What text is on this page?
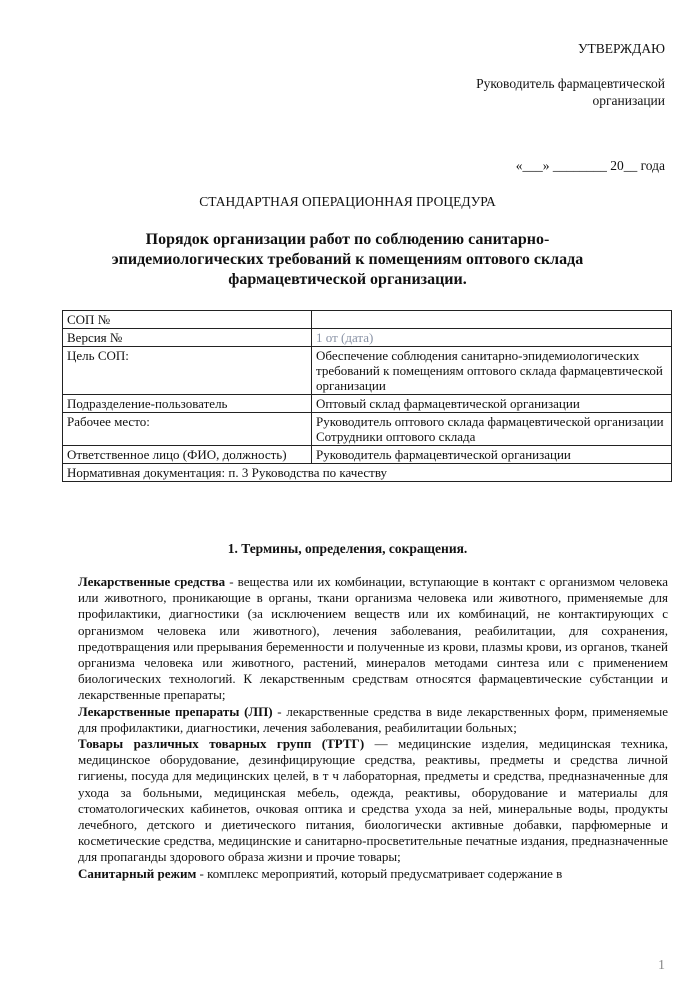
УТВЕРЖДАЮ
Руководитель фармацевтической
организации
«___» ________ 20__ года
СТАНДАРТНАЯ ОПЕРАЦИОННАЯ ПРОЦЕДУРА
Порядок организации работ по соблюдению санитарно-эпидемиологических требований к помещениям оптового склада фармацевтической организации.
СОП №	
Версия №	1 от (дата)
Цель СОП:	Обеспечение соблюдения санитарно-эпидемиологических требований к помещениям оптового склада фармацевтической организации
Подразделение-пользователь	Оптовый склад фармацевтической организации
Рабочее место:	Руководитель оптового склада фармацевтической организации
Сотрудники оптового склада

Ответственное лицо (ФИО, должность)	Руководитель фармацевтической организации
Нормативная документация: п. 3 Руководства по качеству	
1. Термины, определения, сокращения.

Лекарственные средства - вещества или их комбинации, вступающие в контакт с организмом человека или животного, проникающие в органы, ткани организма человека или животного, применяемые для профилактики, диагностики (за исключением веществ или их комбинаций, не контактирующих с организмом человека или животного), лечения заболевания, реабилитации, для сохранения, предотвращения или прерывания беременности и полученные из крови, плазмы крови, из органов, тканей организма человека или животного, растений, минералов методами синтеза или с применением биологических технологий. К лекарственным средствам относятся фармацевтические субстанции и лекарственные препараты;

Лекарственные препараты (ЛП) - лекарственные средства в виде лекарственных форм, применяемые для профилактики, диагностики, лечения заболевания, реабилитации больных;

Товары различных товарных групп (ТРТГ) — медицинские изделия, медицинская техника, медицинское оборудование, дезинфицирующие средства, реактивы, предметы и средства личной гигиены, посуда для медицинских целей, в т ч лабораторная, предметы и средства, предназначенные для ухода за больными, медицинская мебель, одежда, реактивы, оборудование и материалы для стоматологических кабинетов, очковая оптика и средства ухода за ней, минеральные воды, продукты лечебного, детского и диетического питания, биологически активные добавки, парфюмерные и косметические средства, медицинские и санитарно-просветительные печатные издания, предназначенные для пропаганды здорового образа жизни и прочие товары;

Санитарный режим - комплекс мероприятий, который предусматривает содержание в

1
